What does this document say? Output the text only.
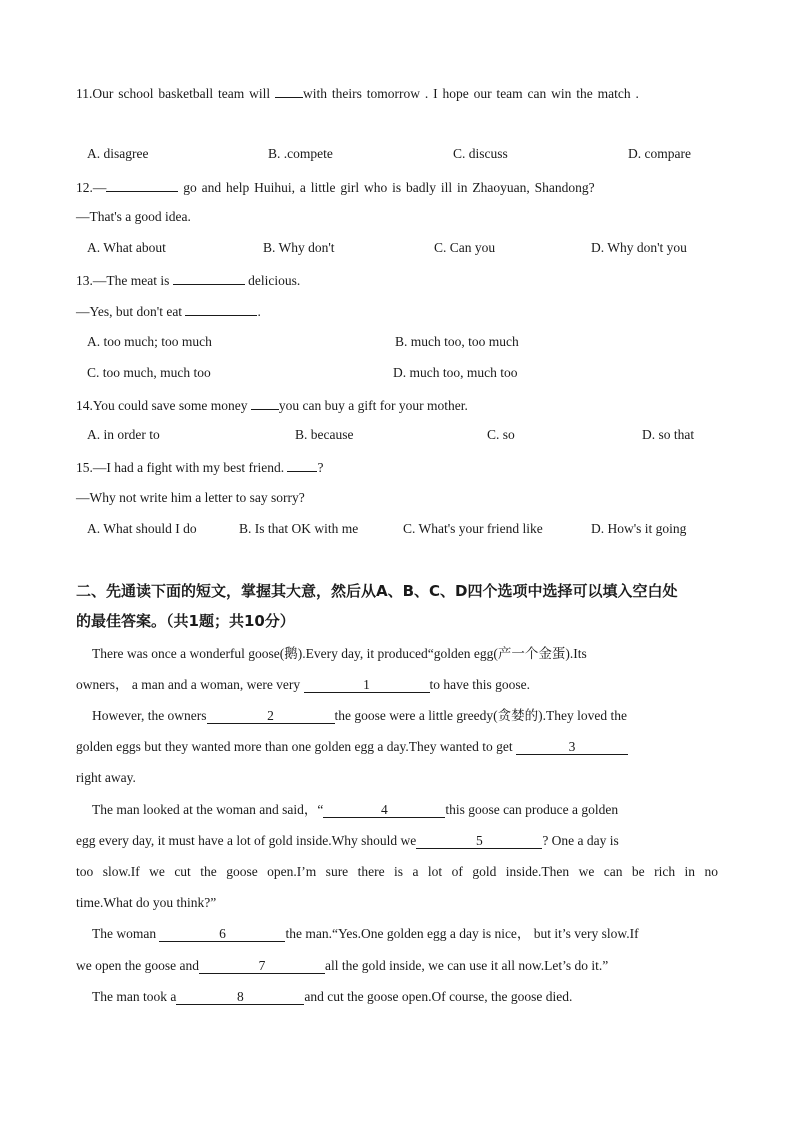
11.Our school basketball team will with theirs tomorrow . I hope our team can win the match .
A. disagree	B. .compete	C. discuss	D. compare
12.—	go and help Huihui, a little girl who is badly ill in Zhaoyuan, Shandong?
—That's a good idea.
A. What about	B. Why don't	C. Can you	D. Why don't you
13.—The meat is	delicious.
—Yes, but don't eat	.
A. too much; too much	B. much too, too much
C. too much, much too	D. much too, much too
14.You could save some money you can buy a gift for your mother.
A. in order to	B. because	C. so	D. so that
15.—I had a fight with my best friend. ?
—Why not write him a letter to say sorry?
A. What should I do	B. Is that OK with me	C. What's your friend like	D. How's it going
二、先通读下面的短文，掌握其大意，然后从A、B、C、D四个选项中选择可以填入空白处
的最佳答案。（共1题；共10分）
There was once a wonderful goose(鹅).Every day, it produced“golden egg(产一个金蛋).Its
owners， a man and a woman, were very	1	to have this goose.
However, the owners	2	the goose were a little greedy(贪婪的).They loved the
golden eggs but they wanted more than one golden egg a day.They wanted to get	3
right away.
The man looked at the woman and said，“	4	this goose can produce a golden
egg every day, it must have a lot of gold inside.Why should we	5	? One a day is
too slow.If we cut the goose open.I’m sure there is a lot of gold inside.Then we can be rich in no
time.What do you think?”
The woman	6	the man.“Yes.One golden egg a day is nice， but it’s very slow.If
we open the goose and	7	all the gold inside, we can use it all now.Let’s do it.”
The man took a	8	and cut the goose open.Of course, the goose died.
